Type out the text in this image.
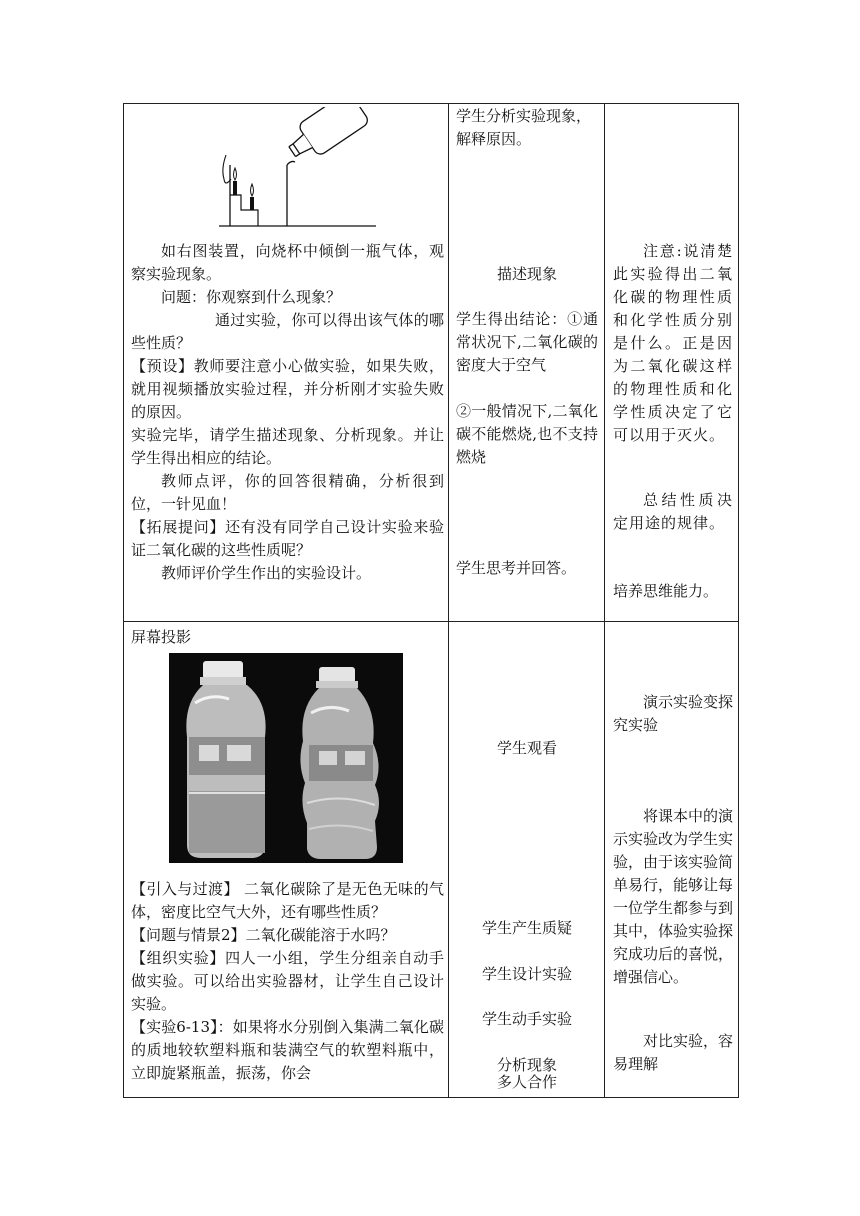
如右图装置，向烧杯中倾倒一瓶气体，观察实验现象。

问题：你观察到什么现象？

通过实验，你可以得出该气体的哪些性质？

【预设】教师要注意小心做实验，如果失败，就用视频播放实验过程，并分析刚才实验失败的原因。

实验完毕，请学生描述现象、分析现象。并让学生得出相应的结论。

教师点评，你的回答很精确，分析很到位，一针见血！

【拓展提问】还有没有同学自己设计实验来验证二氧化碳的这些性质呢？

教师评价学生作出的实验设计。

学生分析实验现象，解释原因。
描述现象
学生得出结论：①通常状况下,二氧化碳的密度大于空气
②一般情况下,二氧化碳不能燃烧,也不支持燃烧
学生思考并回答。
注意:说清楚此实验得出二氧化碳的物理性质和化学性质分别是什么。正是因为二氧化碳这样的物理性质和化学性质决定了它可以用于灭火。
总结性质决定用途的规律。
培养思维能力。
屏幕投影

【引入与过渡】 二氧化碳除了是无色无味的气体，密度比空气大外，还有哪些性质？

【问题与情景2】二氧化碳能溶于水吗？

【组织实验】四人一小组，学生分组亲自动手做实验。可以给出实验器材，让学生自己设计实验。

【实验6-13】：如果将水分别倒入集满二氧化碳的质地较软塑料瓶和装满空气的软塑料瓶中，立即旋紧瓶盖，振荡，你会

学生观看
学生产生质疑
学生设计实验
学生动手实验
分析现象
多人合作
演示实验变探究实验
将课本中的演示实验改为学生实验，由于该实验简单易行，能够让每一位学生都参与到其中，体验实验探究成功后的喜悦，增强信心。
对比实验，容易理解
